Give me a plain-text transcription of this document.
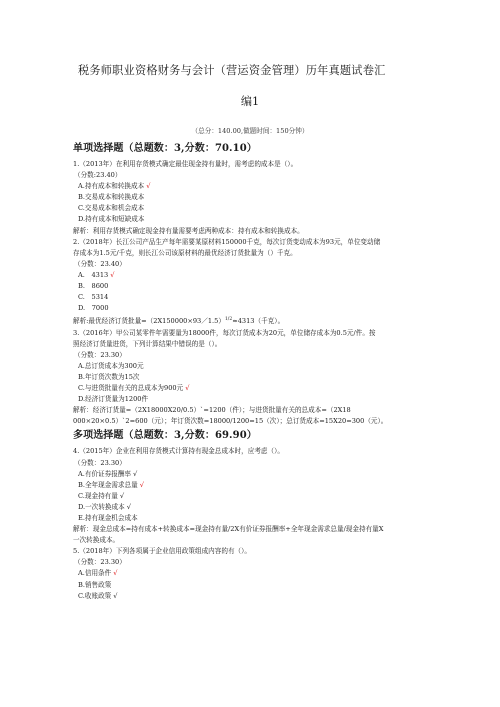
税务师职业资格财务与会计（营运资金管理）历年真题试卷汇
编1
（总分：140.00,做题时间：150分钟）
单项选择题（总题数：3,分数：70.10）
1.（2013年）在利用存货模式确定最佳现金持有量时，需考虑的成本是（）。
（分数:23.40）
A.持有成本和转换成本 √
B.交易成本和转换成本
C.交易成本和机会成本
D.持有成本和短缺成本
解析：利用存货模式确定现金持有量需要考虑两种成本：持有成本和转换成本。
2.（2018年）长江公司产品生产每年需要某原材料150000千克，每次订货变动成本为93元，单位变动储
存成本为1.5元/千克，则长江公司该原材料的最优经济订货批量为（）千克。
（分数：23.40）
A.　4313 √
B.　8600
C.　5314
D.　7000
解析:最优经济订货批量=（2X150000×93／1.5）$^{1/2}$≈4313（千克）。
3.（2016年）甲公司某零件年需要量为18000件，每次订货成本为20元，单位储存成本为0.5元/件。按
照经济订货量进货，下列计算结果中错误的是（）。
（分数：23.30）
A.总订货成本为300元
B.年订货次数为15次
C.与进货批量有关的总成本为900元 √
D.经济订货量为1200件
解析：经济订货量=（2X18000X20/0.5）`=1200（件）；与进货批量有关的总成本=（2X18
000×20×0.5）`2=600（元）；年订货次数=18000/1200=15（次）；总订货成本=15X20=300（元）。
多项选择题（总题数：3,分数：69.90）
4.（2015年）企业在利用存货模式计算持有现金总成本时，应考虑（）。
（分数：23.30）
A.有价证券报酬率 √
B.全年现金需求总量 √
C.现金持有量 √
D.一次转换成本 √
E.持有现金机会成本
解析：现金总成本=持有成本+转换成本=现金持有量/2X有价证券报酬率+全年现金需求总量/现金持有量X
一次转换成本。
5.（2018年）下列各项属于企业信用政策组成内容的有（）。
（分数：23.30）
A.信用条件 √
B.销售政策
C.收账政策 √
